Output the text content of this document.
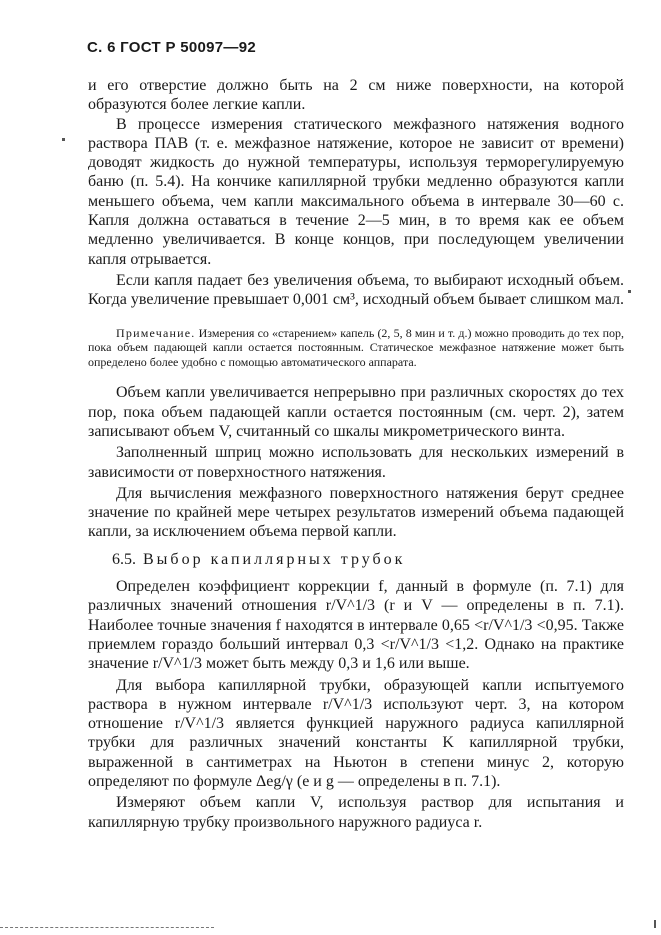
С. 6 ГОСТ Р 50097—92

и его отверстие должно быть на 2 см ниже поверхности, на которой образуются более легкие капли.

В процессе измерения статического межфазного натяжения водного раствора ПАВ (т. е. межфазное натяжение, которое не зависит от времени) доводят жидкость до нужной температуры, используя терморегулируемую баню (п. 5.4). На кончике капиллярной трубки медленно образуются капли меньшего объема, чем капли максимального объема в интервале 30—60 с. Капля должна оставаться в течение 2—5 мин, в то время как ее объем медленно увеличивается. В конце концов, при последующем увеличении капля отрывается.

Если капля падает без увеличения объема, то выбирают исходный объем. Когда увеличение превышает 0,001 см³, исходный объем бывает слишком мал.

Примечание. Измерения со «старением» капель (2, 5, 8 мин и т. д.) можно проводить до тех пор, пока объем падающей капли остается постоянным. Статическое межфазное натяжение может быть определено более удобно с помощью автоматического аппарата.

Объем капли увеличивается непрерывно при различных скоростях до тех пор, пока объем падающей капли остается постоянным (см. черт. 2), затем записывают объем V, считанный со шкалы микрометрического винта.

Заполненный шприц можно использовать для нескольких измерений в зависимости от поверхностного натяжения.

Для вычисления межфазного поверхностного натяжения берут среднее значение по крайней мере четырех результатов измерений объема падающей капли, за исключением объема первой капли.

6.5. Выбор капиллярных трубок

Определен коэффициент коррекции f, данный в формуле (п. 7.1) для различных значений отношения r/V^1/3 (r и V — определены в п. 7.1). Наиболее точные значения f находятся в интервале 0,65 <r/V^1/3 <0,95. Также приемлем гораздо больший интервал 0,3 <r/V^1/3 <1,2. Однако на практике значение r/V^1/3 может быть между 0,3 и 1,6 или выше.

Для выбора капиллярной трубки, образующей капли испытуемого раствора в нужном интервале r/V^1/3 используют черт. 3, на котором отношение r/V^1/3 является функцией наружного радиуса капиллярной трубки для различных значений константы K капиллярной трубки, выраженной в сантиметрах на Ньютон в степени минус 2, которую определяют по формуле Δeg/γ (e и g — определены в п. 7.1).

Измеряют объем капли V, используя раствор для испытания и капиллярную трубку произвольного наружного радиуса r.
